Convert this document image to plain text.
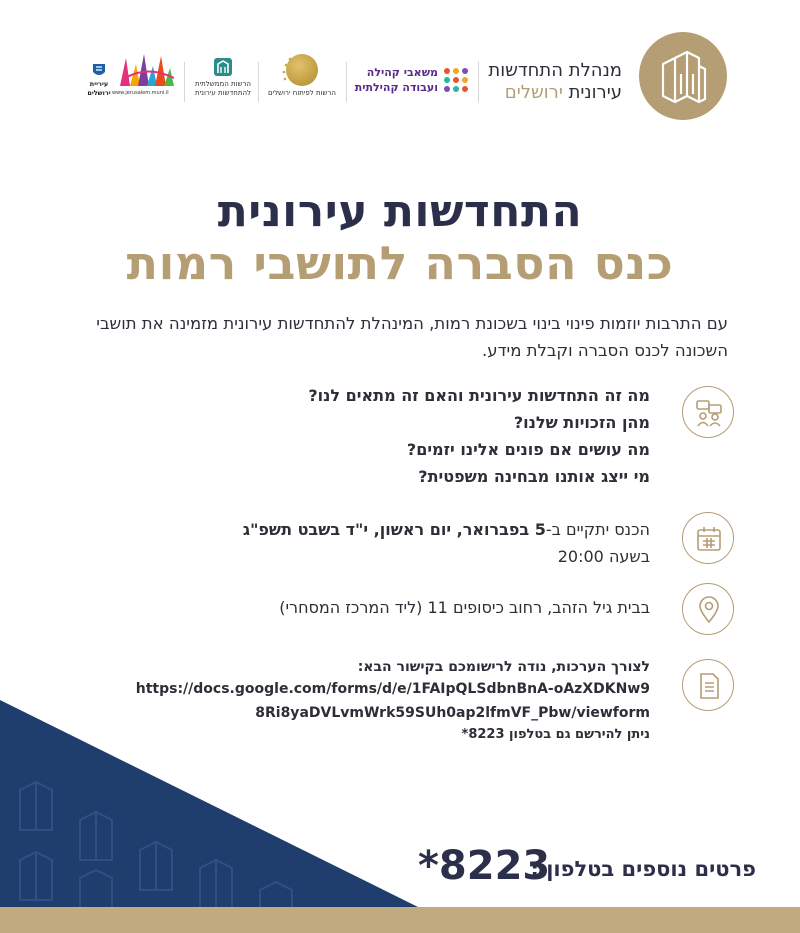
מנהלת התחדשות
עירונית ירושלים
משאבי קהילה
ועבודה קהילתית
הרשות לפיתוח ירושלים
הרשות הממשלתית
להתחדשות עירונית
www.jerusalem.muni.il
עיריית
ירושלים
התחדשות עירונית
כנס הסברה לתושבי רמות
עם התרבות יוזמות פינוי בינוי בשכונת רמות, המינהלת להתחדשות עירונית מזמינה את תושבי השכונה לכנס הסברה וקבלת מידע.
מה זה התחדשות עירונית והאם זה מתאים לנו?
מהן הזכויות שלנו?
מה עושים אם פונים אלינו יזמים?
מי ייצג אותנו מבחינה משפטית?
הכנס יתקיים ב-5 בפברואר, יום ראשון, י"ד בשבט תשפ"ג
בשעה 20:00
בבית גיל הזהב, רחוב כיסופים 11 (ליד המרכז המסחרי)
לצורך הערכות, נודה לרישומכם בקישור הבא:
https://docs.google.com/forms/d/e/1FAIpQLSdbnBnA-oAzXDKNw9
8Ri8yaDVLvmWrk59SUh0ap2lfmVF_Pbw/viewform
ניתן להירשם גם בטלפון 8223*
פרטים נוספים בטלפון :
*8223
